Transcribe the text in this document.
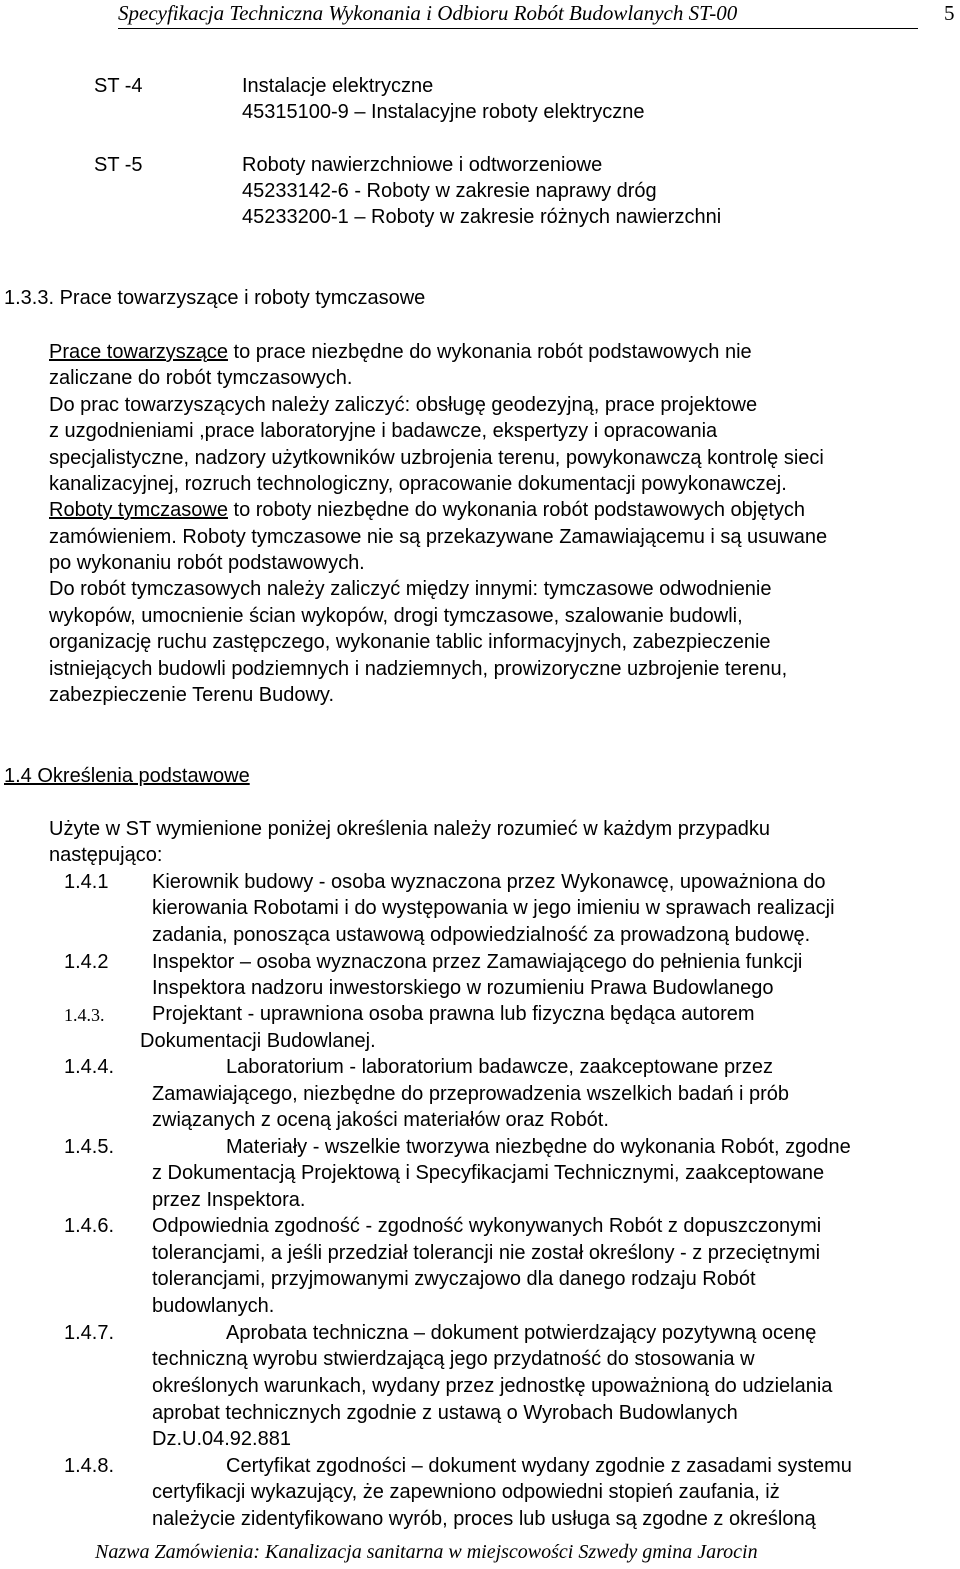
Specyfikacja Techniczna Wykonania i Odbioru Robót Budowlanych ST-00	5
ST -4	Instalacje elektryczne
45315100-9 – Instalacyjne roboty elektryczne
ST -5	Roboty nawierzchniowe i odtworzeniowe
45233142-6 - Roboty w zakresie naprawy dróg
45233200-1 – Roboty w zakresie różnych nawierzchni
1.3.3. Prace towarzyszące i roboty tymczasowe
Prace towarzyszące to prace niezbędne do wykonania robót podstawowych nie
zaliczane do robót tymczasowych.
Do prac towarzyszących należy zaliczyć: obsługę geodezyjną, prace projektowe
z uzgodnieniami ,prace laboratoryjne i badawcze, ekspertyzy i opracowania
specjalistyczne, nadzory użytkowników uzbrojenia terenu, powykonawczą kontrolę sieci
kanalizacyjnej, rozruch technologiczny, opracowanie dokumentacji powykonawczej.
Roboty tymczasowe to roboty niezbędne do wykonania robót podstawowych objętych
zamówieniem. Roboty tymczasowe nie są przekazywane Zamawiającemu i są usuwane
po wykonaniu robót podstawowych.
Do robót tymczasowych należy zaliczyć między innymi: tymczasowe odwodnienie
wykopów, umocnienie ścian wykopów, drogi tymczasowe, szalowanie budowli,
organizację ruchu zastępczego, wykonanie tablic informacyjnych, zabezpieczenie
istniejących budowli podziemnych i nadziemnych, prowizoryczne uzbrojenie terenu,
zabezpieczenie Terenu Budowy.
1.4 Określenia podstawowe
Użyte w ST wymienione poniżej określenia należy rozumieć w każdym przypadku
następująco:
1.4.1 Kierownik budowy - osoba wyznaczona przez Wykonawcę, upoważniona do
kierowania Robotami i do występowania w jego imieniu w sprawach realizacji
zadania, ponosząca ustawową odpowiedzialność za prowadzoną budowę.
1.4.2 Inspektor – osoba wyznaczona przez Zamawiającego do pełnienia funkcji
Inspektora nadzoru inwestorskiego w rozumieniu Prawa Budowlanego
1.4.3. Projektant - uprawniona osoba prawna lub fizyczna będąca autorem
Dokumentacji Budowlanej.
1.4.4.	Laboratorium - laboratorium badawcze, zaakceptowane przez
Zamawiającego, niezbędne do przeprowadzenia wszelkich badań i prób
związanych z oceną jakości materiałów oraz Robót.
1.4.5.	Materiały - wszelkie tworzywa niezbędne do wykonania Robót, zgodne
z Dokumentacją Projektową i Specyfikacjami Technicznymi, zaakceptowane
przez Inspektora.
1.4.6. Odpowiednia zgodność - zgodność wykonywanych Robót z dopuszczonymi
tolerancjami, a jeśli przedział tolerancji nie został określony - z przeciętnymi
tolerancjami, przyjmowanymi zwyczajowo dla danego rodzaju Robót
budowlanych.
1.4.7.	Aprobata techniczna – dokument potwierdzający pozytywną ocenę
techniczną wyrobu stwierdzającą jego przydatność do stosowania w
określonych warunkach, wydany przez jednostkę upoważnioną do udzielania
aprobat technicznych zgodnie z ustawą o Wyrobach Budowlanych
Dz.U.04.92.881
1.4.8.	Certyfikat zgodności – dokument wydany zgodnie z zasadami systemu
certyfikacji wykazujący, że zapewniono odpowiedni stopień zaufania, iż
należycie zidentyfikowano wyrób, proces lub usługa są zgodne z określoną
Nazwa Zamówienia: Kanalizacja sanitarna w miejscowości Szwedy gmina Jarocin
